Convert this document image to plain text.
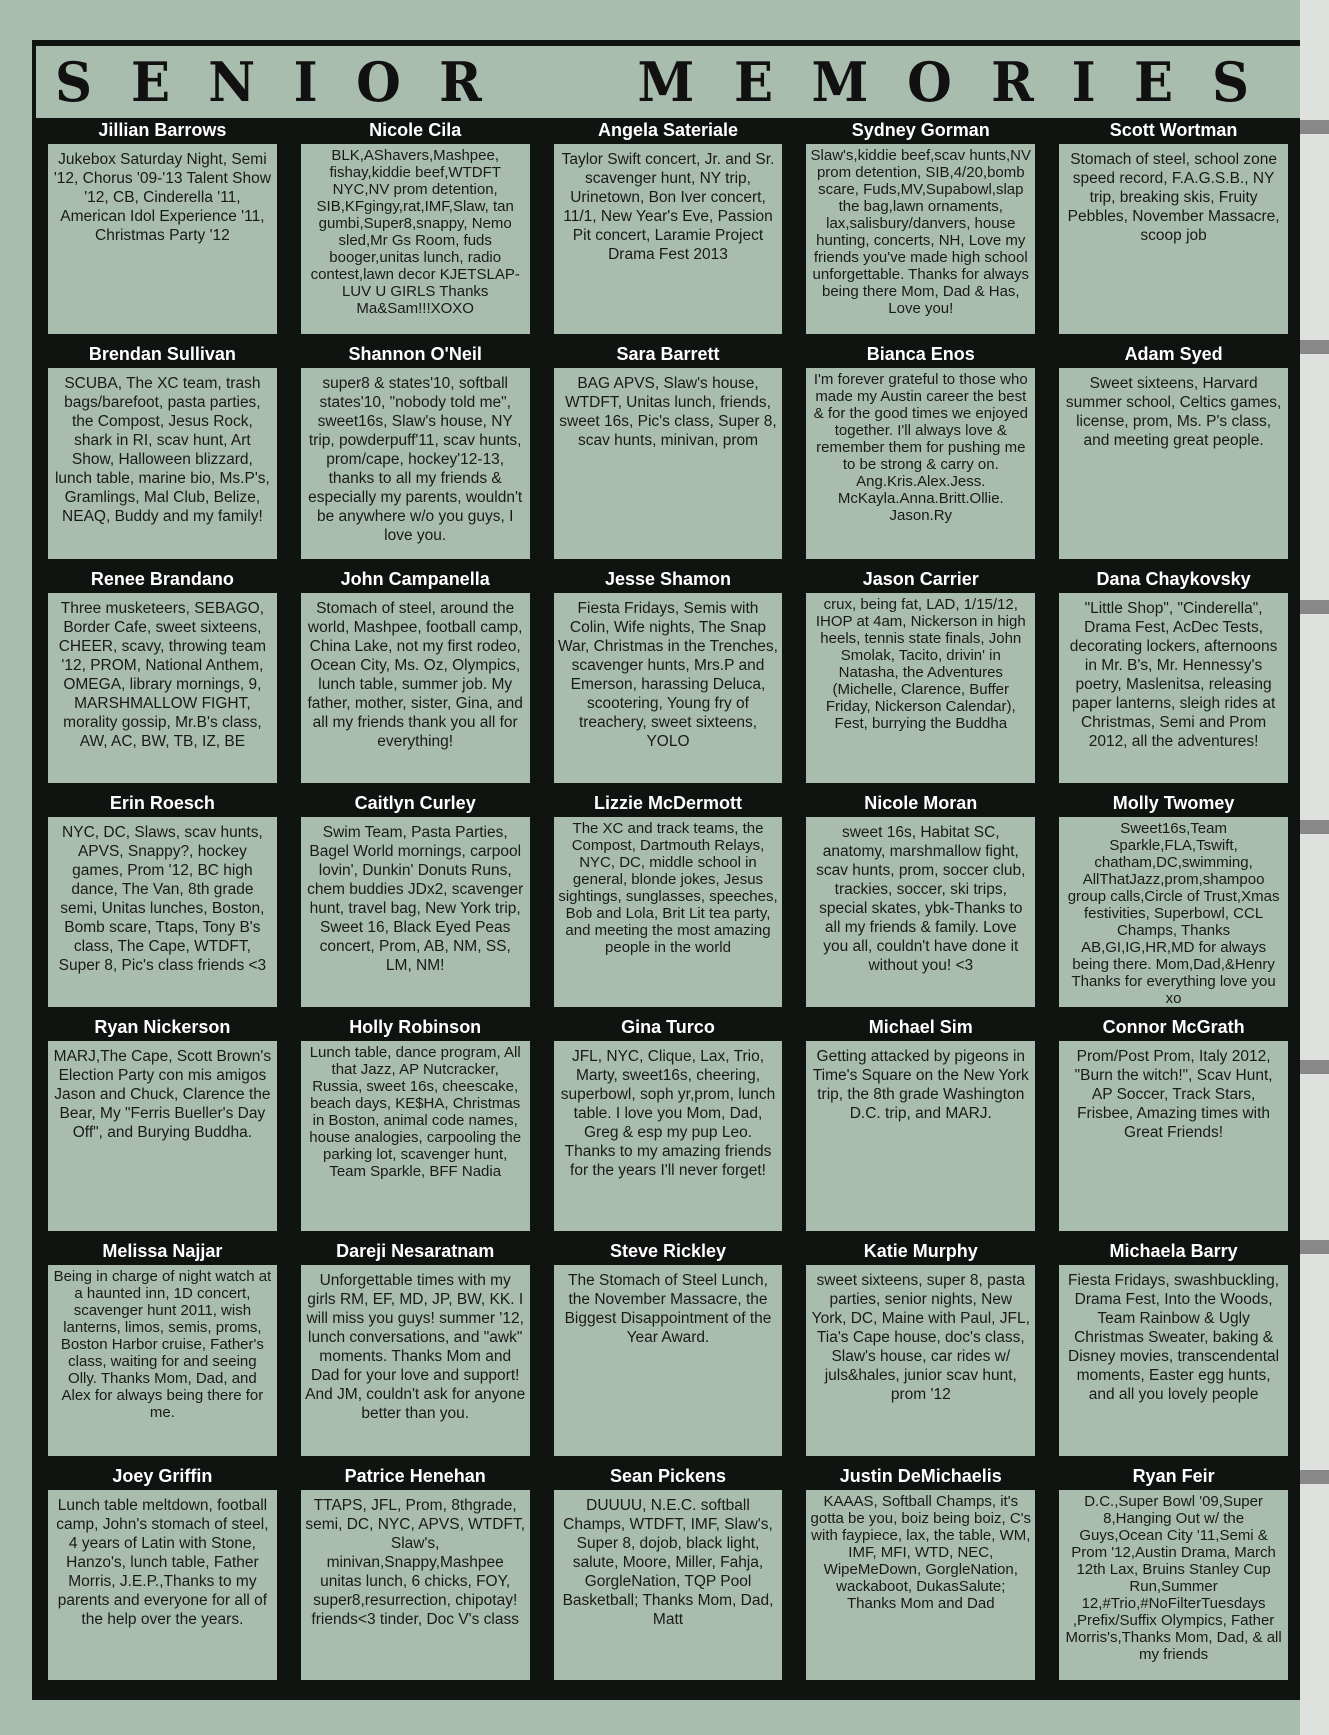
S E N I O R	M E M O R I E S
Jillian Barrows
Jukebox Saturday Night, Semi '12, Chorus '09-'13 Talent Show '12, CB, Cinderella '11, American Idol Experience '11, Christmas Party '12
Nicole Cila
BLK,AShavers,Mashpee, fishay,kiddie beef,WTDFT NYC,NV prom detention, SIB,KFgingy,rat,IMF,Slaw, tan gumbi,Super8,snappy, Nemo sled,Mr Gs Room, fuds booger,unitas lunch, radio contest,lawn decor KJETSLAP-LUV U GIRLS Thanks Ma&Sam!!!XOXO
Angela Sateriale
Taylor Swift concert, Jr. and Sr. scavenger hunt, NY trip, Urinetown, Bon Iver concert, 11/1, New Year's Eve, Passion Pit concert, Laramie Project Drama Fest 2013
Sydney Gorman
Slaw's,kiddie beef,scav hunts,NV prom detention, SIB,4/20,bomb scare, Fuds,MV,Supabowl,slap the bag,lawn ornaments, lax,salisbury/danvers, house hunting, concerts, NH, Love my friends you've made high school unforgettable. Thanks for always being there Mom, Dad & Has, Love you!
Scott Wortman
Stomach of steel, school zone speed record, F.A.G.S.B., NY trip, breaking skis, Fruity Pebbles, November Massacre, scoop job
Brendan Sullivan
SCUBA, The XC team, trash bags/barefoot, pasta parties, the Compost, Jesus Rock, shark in RI, scav hunt, Art Show, Halloween blizzard, lunch table, marine bio, Ms.P's, Gramlings, Mal Club, Belize, NEAQ, Buddy and my family!
Shannon O'Neil
super8 & states'10, softball states'10, "nobody told me", sweet16s, Slaw's house, NY trip, powderpuff'11, scav hunts, prom/cape, hockey'12-13, thanks to all my friends & especially my parents, wouldn't be anywhere w/o you guys, I love you.
Sara Barrett
BAG APVS, Slaw's house, WTDFT, Unitas lunch, friends, sweet 16s, Pic's class, Super 8, scav hunts, minivan, prom
Bianca Enos
I'm forever grateful to those who made my Austin career the best & for the good times we enjoyed together. I'll always love & remember them for pushing me to be strong & carry on. Ang.Kris.Alex.Jess. McKayla.Anna.Britt.Ollie. Jason.Ry
Adam Syed
Sweet sixteens, Harvard summer school, Celtics games, license, prom, Ms. P's class, and meeting great people.
Renee Brandano
Three musketeers, SEBAGO, Border Cafe, sweet sixteens, CHEER, scavy, throwing team '12, PROM, National Anthem, OMEGA, library mornings, 9, MARSHMALLOW FIGHT, morality gossip, Mr.B's class, AW, AC, BW, TB, IZ, BE
John Campanella
Stomach of steel, around the world, Mashpee, football camp, China Lake, not my first rodeo, Ocean City, Ms. Oz, Olympics, lunch table, summer job. My father, mother, sister, Gina, and all my friends thank you all for everything!
Jesse Shamon
Fiesta Fridays, Semis with Colin, Wife nights, The Snap War, Christmas in the Trenches, scavenger hunts, Mrs.P and Emerson, harassing Deluca, scootering, Young fry of treachery, sweet sixteens, YOLO
Jason Carrier
crux, being fat, LAD, 1/15/12, IHOP at 4am, Nickerson in high heels, tennis state finals, John Smolak, Tacito, drivin' in Natasha, the Adventures (Michelle, Clarence, Buffer Friday, Nickerson Calendar), Fest, burrying the Buddha
Dana Chaykovsky
"Little Shop", "Cinderella", Drama Fest, AcDec Tests, decorating lockers, afternoons in Mr. B's, Mr. Hennessy's poetry, Maslenitsa, releasing paper lanterns, sleigh rides at Christmas, Semi and Prom 2012, all the adventures!
Erin Roesch
NYC, DC, Slaws, scav hunts, APVS, Snappy?, hockey games, Prom '12, BC high dance, The Van, 8th grade semi, Unitas lunches, Boston, Bomb scare, Ttaps, Tony B's class, The Cape, WTDFT, Super 8, Pic's class friends <3
Caitlyn Curley
Swim Team, Pasta Parties, Bagel World mornings, carpool lovin', Dunkin' Donuts Runs, chem buddies JDx2, scavenger hunt, travel bag, New York trip, Sweet 16, Black Eyed Peas concert, Prom, AB, NM, SS, LM, NM!
Lizzie McDermott
The XC and track teams, the Compost, Dartmouth Relays, NYC, DC, middle school in general, blonde jokes, Jesus sightings, sunglasses, speeches, Bob and Lola, Brit Lit tea party, and meeting the most amazing people in the world
Nicole Moran
sweet 16s, Habitat SC, anatomy, marshmallow fight, scav hunts, prom, soccer club, trackies, soccer, ski trips, special skates, ybk-Thanks to all my friends & family. Love you all, couldn't have done it without you! <3
Molly Twomey
Sweet16s,Team Sparkle,FLA,Tswift, chatham,DC,swimming, AllThatJazz,prom,shampoo group calls,Circle of Trust,Xmas festivities, Superbowl, CCL Champs, Thanks AB,GI,IG,HR,MD for always being there. Mom,Dad,&Henry Thanks for everything love you xo
Ryan Nickerson
MARJ,The Cape, Scott Brown's Election Party con mis amigos Jason and Chuck, Clarence the Bear, My "Ferris Bueller's Day Off", and Burying Buddha.
Holly Robinson
Lunch table, dance program, All that Jazz, AP Nutcracker, Russia, sweet 16s, cheescake, beach days, KE$HA, Christmas in Boston, animal code names, house analogies, carpooling the parking lot, scavenger hunt, Team Sparkle, BFF Nadia
Gina Turco
JFL, NYC, Clique, Lax, Trio, Marty, sweet16s, cheering, superbowl, soph yr,prom, lunch table. I love you Mom, Dad, Greg & esp my pup Leo. Thanks to my amazing friends for the years I'll never forget!
Michael Sim
Getting attacked by pigeons in Time's Square on the New York trip, the 8th grade Washington D.C. trip, and MARJ.
Connor McGrath
Prom/Post Prom, Italy 2012, "Burn the witch!", Scav Hunt, AP Soccer, Track Stars, Frisbee, Amazing times with Great Friends!
Melissa Najjar
Being in charge of night watch at a haunted inn, 1D concert, scavenger hunt 2011, wish lanterns, limos, semis, proms, Boston Harbor cruise, Father's class, waiting for and seeing Olly. Thanks Mom, Dad, and Alex for always being there for me.
Dareji Nesaratnam
Unforgettable times with my girls RM, EF, MD, JP, BW, KK. I will miss you guys! summer '12, lunch conversations, and "awk" moments. Thanks Mom and Dad for your love and support! And JM, couldn't ask for anyone better than you.
Steve Rickley
The Stomach of Steel Lunch, the November Massacre, the Biggest Disappointment of the Year Award.
Katie Murphy
sweet sixteens, super 8, pasta parties, senior nights, New York, DC, Maine with Paul, JFL, Tia's Cape house, doc's class, Slaw's house, car rides w/ juls&hales, junior scav hunt, prom '12
Michaela Barry
Fiesta Fridays, swashbuckling, Drama Fest, Into the Woods, Team Rainbow & Ugly Christmas Sweater, baking & Disney movies, transcendental moments, Easter egg hunts, and all you lovely people
Joey Griffin
Lunch table meltdown, football camp, John's stomach of steel, 4 years of Latin with Stone, Hanzo's, lunch table, Father Morris, J.E.P.,Thanks to my parents and everyone for all of the help over the years.
Patrice Henehan
TTAPS, JFL, Prom, 8thgrade, semi, DC, NYC, APVS, WTDFT, Slaw's, minivan,Snappy,Mashpee unitas lunch, 6 chicks, FOY, super8,resurrection, chipotay! friends<3 tinder, Doc V's class
Sean Pickens
DUUUU, N.E.C. softball Champs, WTDFT, IMF, Slaw's, Super 8, dojob, black light, salute, Moore, Miller, Fahja, GorgleNation, TQP Pool Basketball; Thanks Mom, Dad, Matt
Justin DeMichaelis
KAAAS, Softball Champs, it's gotta be you, boiz being boiz, C's with faypiece, lax, the table, WM, IMF, MFI, WTD, NEC, WipeMeDown, GorgleNation, wackaboot, DukasSalute; Thanks Mom and Dad
Ryan Feir
D.C.,Super Bowl '09,Super 8,Hanging Out w/ the Guys,Ocean City '11,Semi & Prom '12,Austin Drama, March 12th Lax, Bruins Stanley Cup Run,Summer 12,#Trio,#NoFilterTuesdays ,Prefix/Suffix Olympics, Father Morris's,Thanks Mom, Dad, & all my friends
